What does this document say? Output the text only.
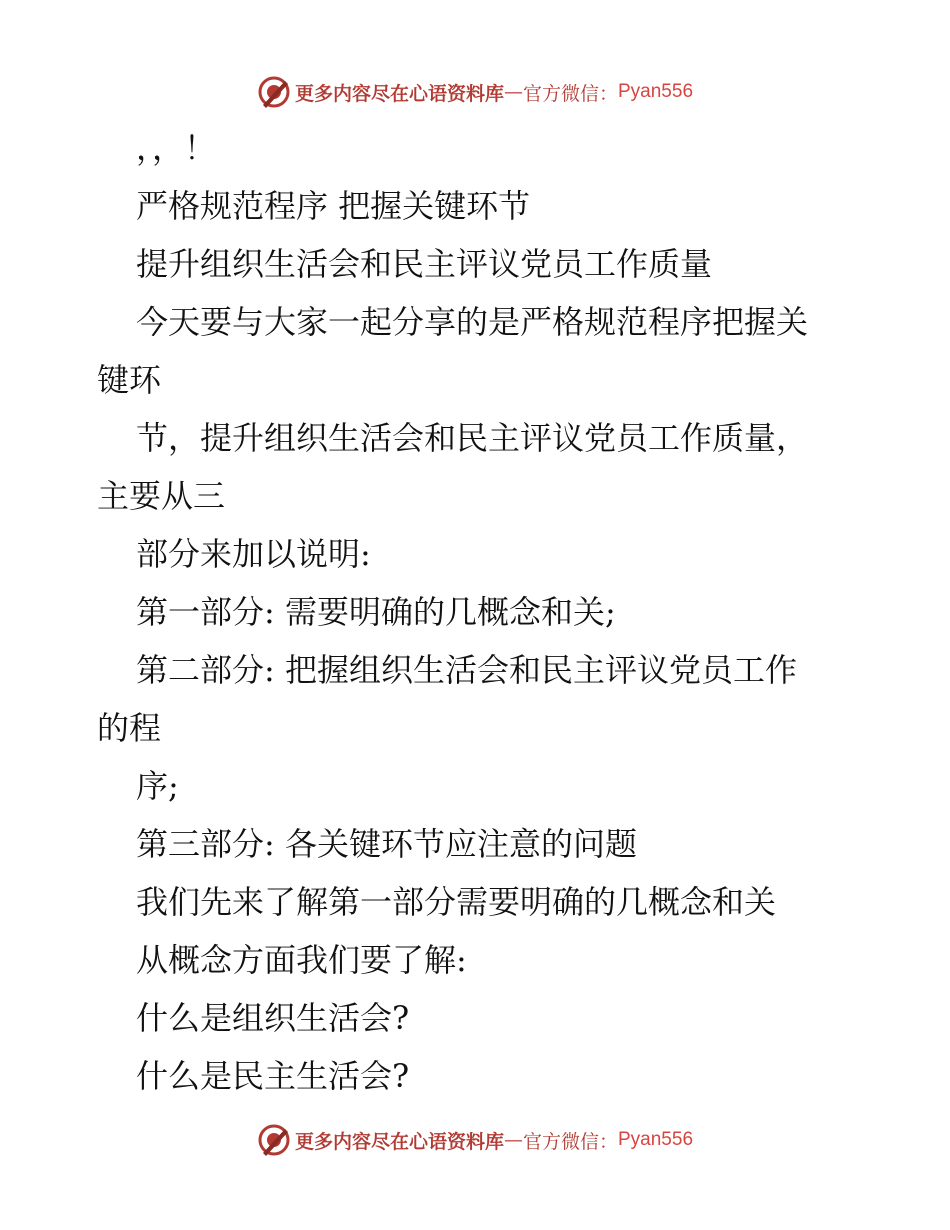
更多内容尽在心语资料库 — 官方微信： Pyan556
，，！
严格规范程序 把握关键环节
提升组织生活会和民主评议党员工作质量
今天要与大家一起分享的是严格规范程序把握关
键环
节，提升组织生活会和民主评议党员工作质量，
主要从三
部分来加以说明:
第一部分: 需要明确的几概念和关;
第二部分: 把握组织生活会和民主评议党员工作
的程
序;
第三部分: 各关键环节应注意的问题
我们先来了解第一部分需要明确的几概念和关
从概念方面我们要了解:
什么是组织生活会?
什么是民主生活会?
更多内容尽在心语资料库 — 官方微信： Pyan556
